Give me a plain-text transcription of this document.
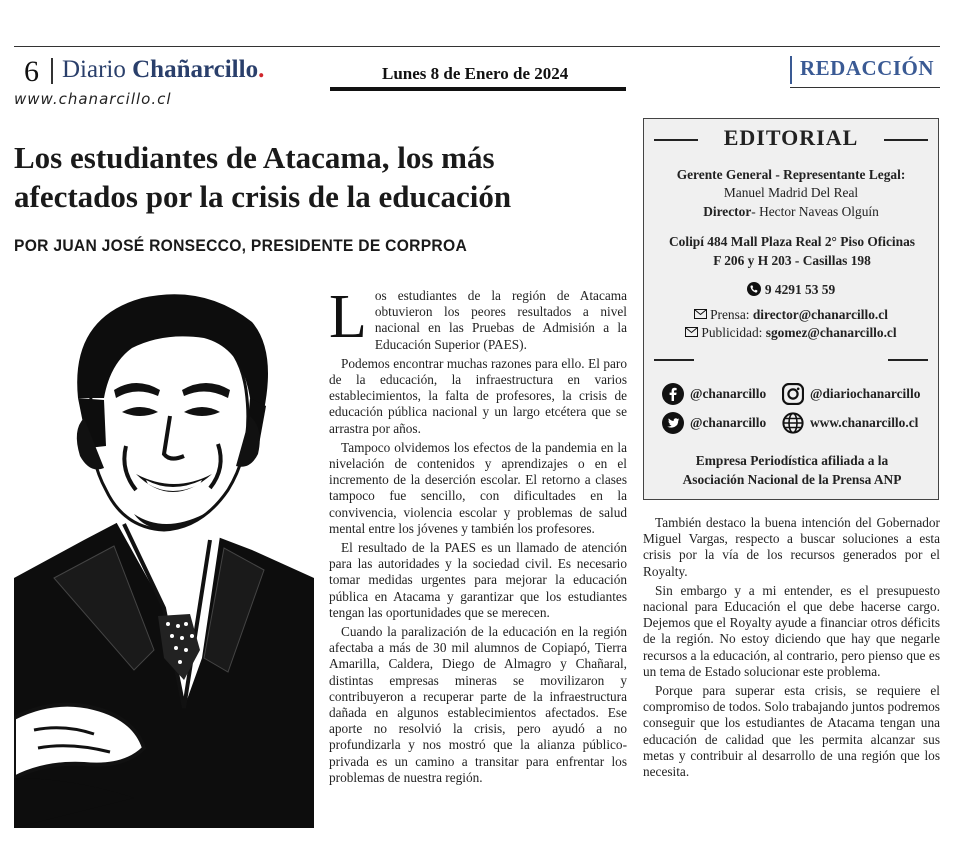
6 Diario Chañarcillo.	Lunes 8 de Enero de 2024	REDACCIÓN
www.chanarcillo.cl
Los estudiantes de Atacama, los más afectados por la crisis de la educación
POR JUAN JOSÉ RONSECCO, PRESIDENTE DE CORPROA

Los estudiantes de la región de Atacama obtuvieron los peores resultados a nivel nacional en las Pruebas de Admisión a la Educación Superior (PAES).

Podemos encontrar muchas razones para ello. El paro de la educación, la infraestructura en varios establecimientos, la falta de profesores, la crisis de educación pública nacional y un largo etcétera que se arrastra por años.

Tampoco olvidemos los efectos de la pandemia en la nivelación de contenidos y aprendizajes o en el incremento de la deserción escolar. El retorno a clases tampoco fue sencillo, con dificultades en la convivencia, violencia escolar y problemas de salud mental entre los jóvenes y también los profesores.

El resultado de la PAES es un llamado de atención para las autoridades y la sociedad civil. Es necesario tomar medidas urgentes para mejorar la educación pública en Atacama y garantizar que los estudiantes tengan las oportunidades que se merecen.

Cuando la paralización de la educación en la región afectaba a más de 30 mil alumnos de Copiapó, Tierra Amarilla, Caldera, Diego de Almagro y Chañaral, distintas empresas mineras se movilizaron y contribuyeron a recuperar parte de la infraestructura dañada en algunos establecimientos afectados. Ese aporte no resolvió la crisis, pero ayudó a no profundizarla y nos mostró que la alianza público-privada es un camino a transitar para enfrentar los problemas de nuestra región.

EDITORIAL
Gerente General - Representante Legal:
Manuel Madrid Del Real
Director- Hector Naveas Olguín
Colipí 484 Mall Plaza Real 2° Piso Oficinas F 206 y H 203 - Casillas 198
9 4291 53 59
Prensa: director@chanarcillo.cl
Publicidad: sgomez@chanarcillo.cl
@chanarcillo	@diariochanarcillo
@chanarcillo	www.chanarcillo.cl
Empresa Periodística afiliada a la Asociación Nacional de la Prensa ANP

También destaco la buena intención del Gobernador Miguel Vargas, respecto a buscar soluciones a esta crisis por la vía de los recursos generados por el Royalty.

Sin embargo y a mi entender, es el presupuesto nacional para Educación el que debe hacerse cargo. Dejemos que el Royalty ayude a financiar otros déficits de la región. No estoy diciendo que hay que negarle recursos a la educación, al contrario, pero pienso que es un tema de Estado solucionar este problema.

Porque para superar esta crisis, se requiere el compromiso de todos. Solo trabajando juntos podremos conseguir que los estudiantes de Atacama tengan una educación de calidad que les permita alcanzar sus metas y contribuir al desarrollo de una región que los necesita.
